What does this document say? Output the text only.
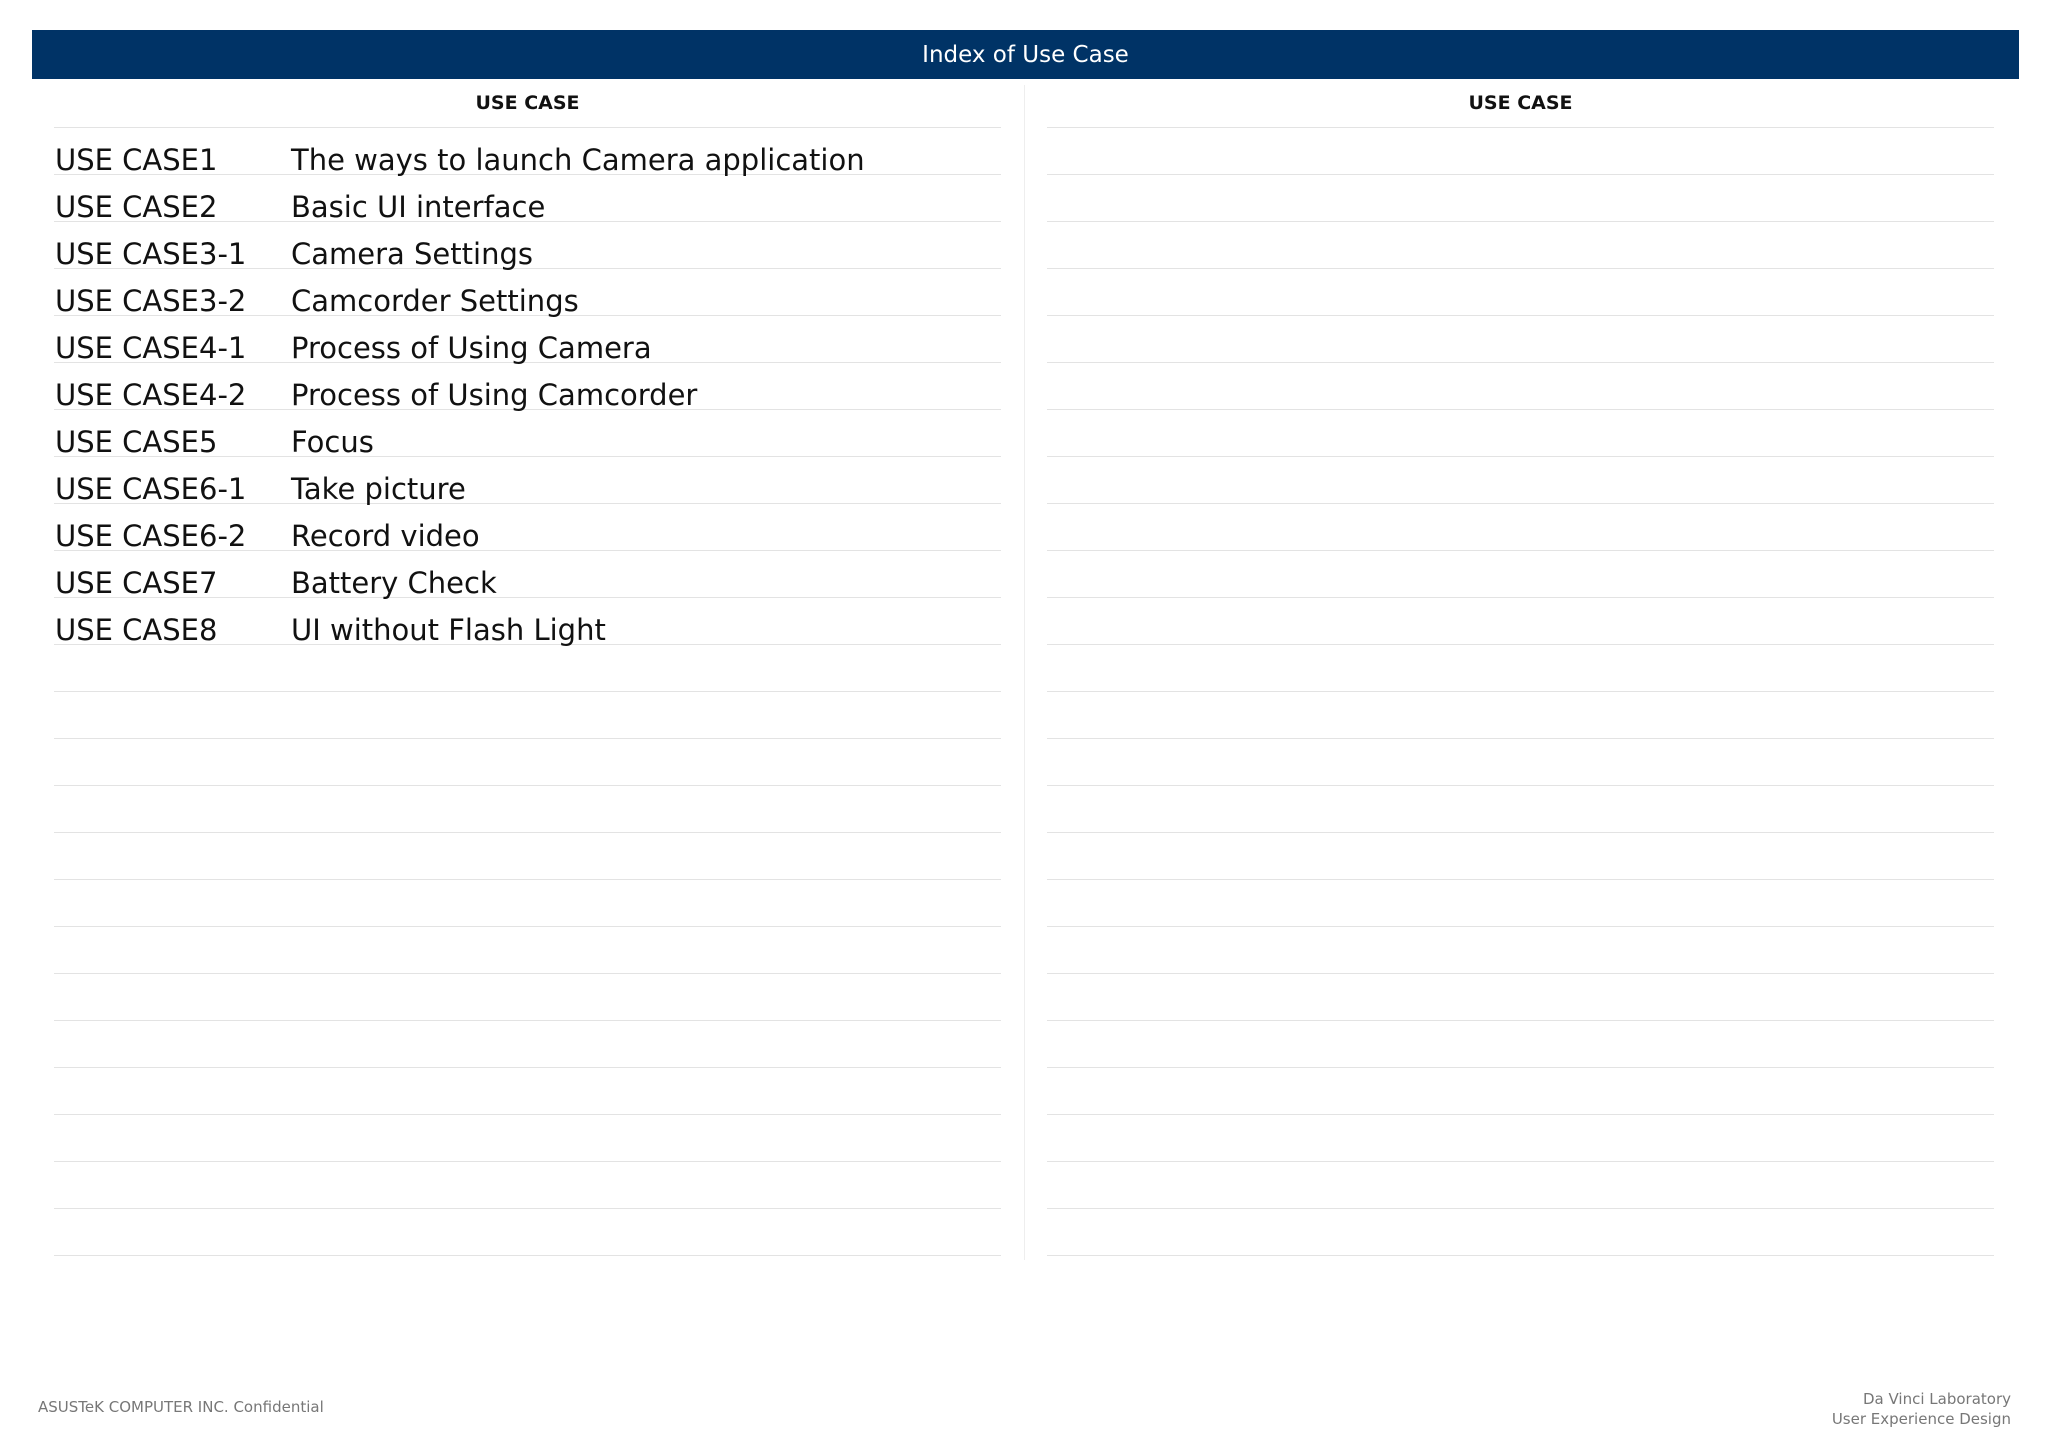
Index of Use Case
USE CASE
USE CASE1	The ways to launch Camera application
USE CASE2	Basic UI interface
USE CASE3-1 Camera Settings
USE CASE3-2 Camcorder Settings
USE CASE4-1 Process of Using Camera
USE CASE4-2 Process of Using Camcorder
USE CASE5	Focus
USE CASE6-1 Take picture
USE CASE6-2 Record video
USE CASE7	Battery Check
USE CASE8	UI without Flash Light
USE CASE
ASUSTeK COMPUTER INC. Confidential	Da Vinci Laboratory
User Experience Design
